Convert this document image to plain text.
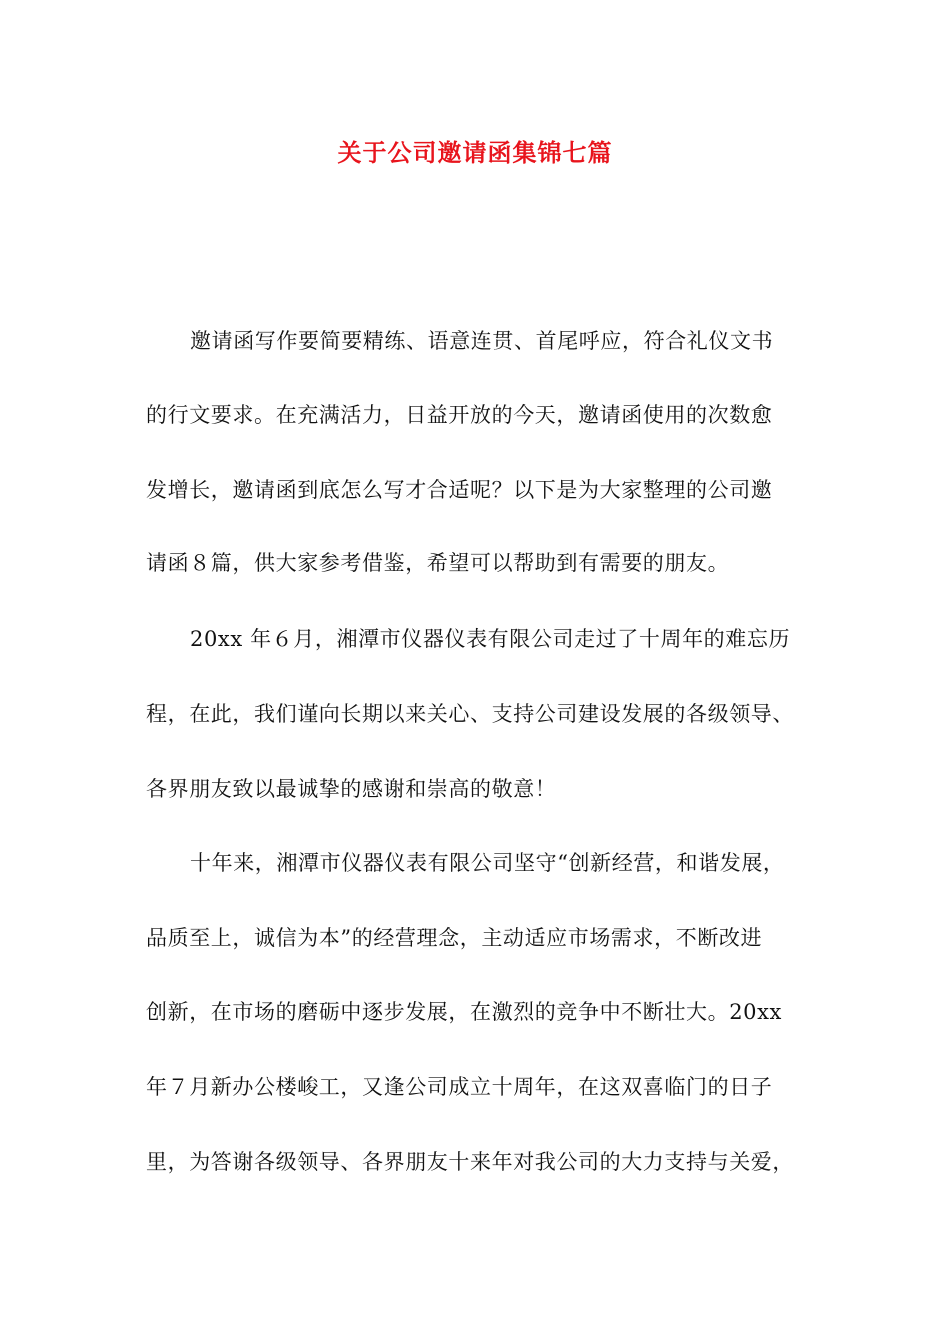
关于公司邀请函集锦七篇
邀请函写作要简要精练、语意连贯、首尾呼应，符合礼仪文书
的行文要求。在充满活力，日益开放的今天，邀请函使用的次数愈
发增长，邀请函到底怎么写才合适呢？以下是为大家整理的公司邀
请函８篇，供大家参考借鉴，希望可以帮助到有需要的朋友。
20xx 年６月，湘潭市仪器仪表有限公司走过了十周年的难忘历
程，在此，我们谨向长期以来关心、支持公司建设发展的各级领导、
各界朋友致以最诚挚的感谢和崇高的敬意！
十年来，湘潭市仪器仪表有限公司坚守“创新经营，和谐发展，
品质至上，诚信为本”的经营理念，主动适应市场需求，不断改进
创新，在市场的磨砺中逐步发展，在激烈的竞争中不断壮大。20xx
年７月新办公楼峻工，又逢公司成立十周年，在这双喜临门的日子
里，为答谢各级领导、各界朋友十来年对我公司的大力支持与关爱，
